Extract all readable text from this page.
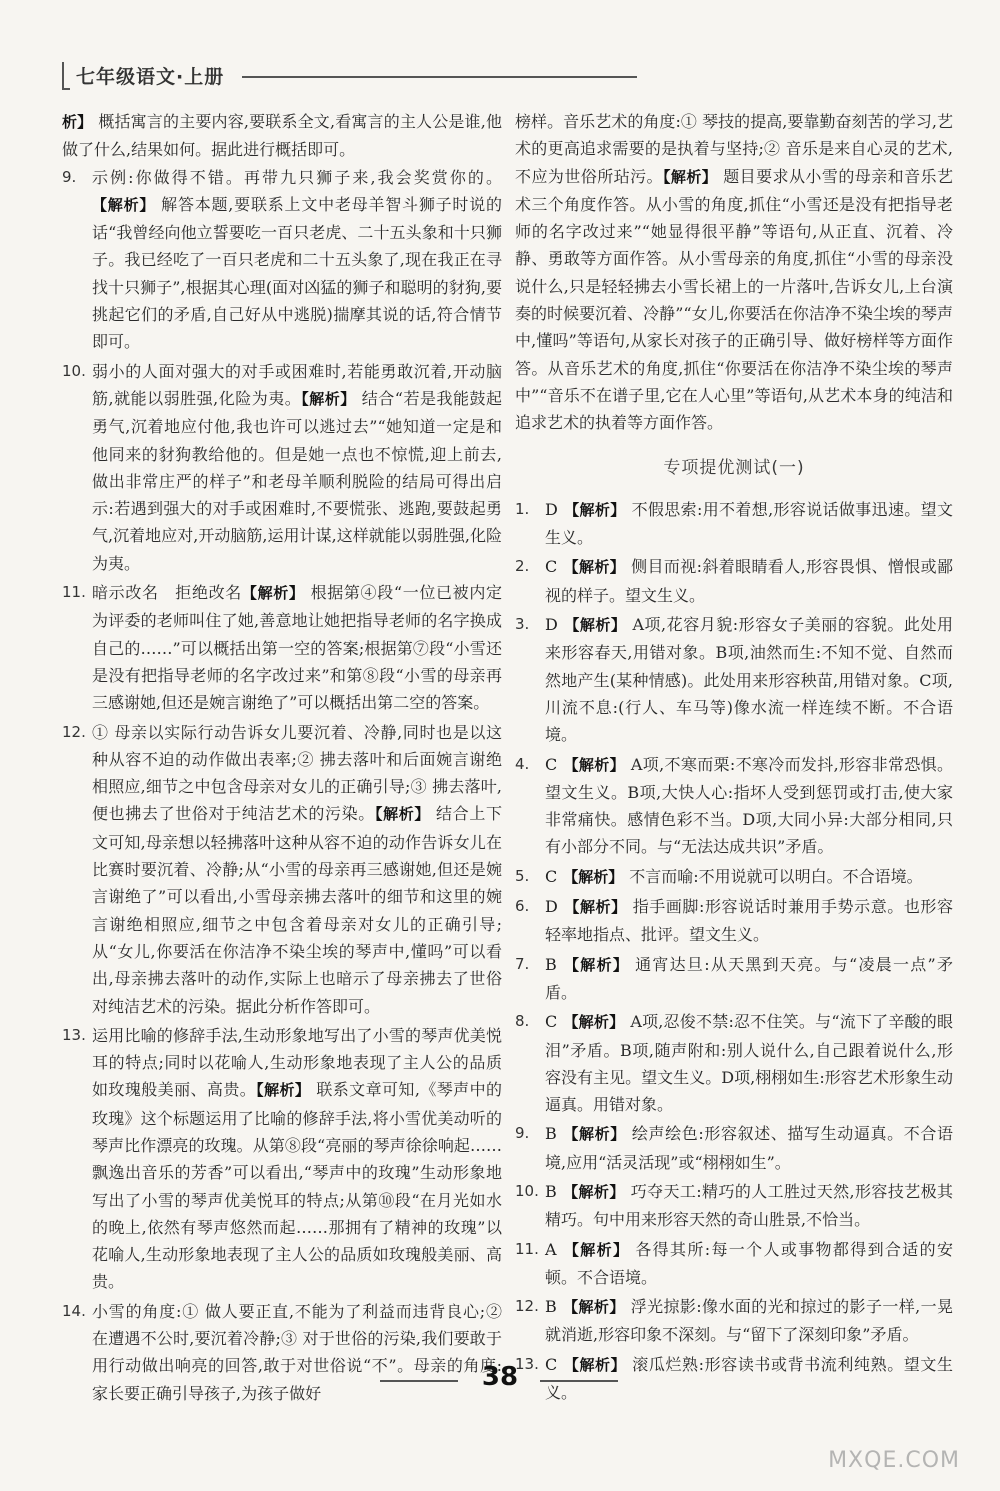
七年级语文·上册

析】 概括寓言的主要内容,要联系全文,看寓言的主人公是谁,他做了什么,结果如何。据此进行概括即可。

9. 示例:你做得不错。再带九只狮子来,我会奖赏你的。【解析】 解答本题,要联系上文中老母羊智斗狮子时说的话“我曾经向他立誓要吃一百只老虎、二十五头象和十只狮子。我已经吃了一百只老虎和二十五头象了,现在我正在寻找十只狮子”,根据其心理(面对凶猛的狮子和聪明的豺狗,要挑起它们的矛盾,自己好从中逃脱)揣摩其说的话,符合情节即可。

10. 弱小的人面对强大的对手或困难时,若能勇敢沉着,开动脑筋,就能以弱胜强,化险为夷。【解析】 结合“若是我能鼓起勇气,沉着地应付他,我也许可以逃过去”“她知道一定是和他同来的豺狗教给他的。但是她一点也不惊慌,迎上前去,做出非常庄严的样子”和老母羊顺利脱险的结局可得出启示:若遇到强大的对手或困难时,不要慌张、逃跑,要鼓起勇气,沉着地应对,开动脑筋,运用计谋,这样就能以弱胜强,化险为夷。

11. 暗示改名　拒绝改名【解析】 根据第④段“一位已被内定为评委的老师叫住了她,善意地让她把指导老师的名字换成自己的……”可以概括出第一空的答案;根据第⑦段“小雪还是没有把指导老师的名字改过来”和第⑧段“小雪的母亲再三感谢她,但还是婉言谢绝了”可以概括出第二空的答案。

12. ① 母亲以实际行动告诉女儿要沉着、冷静,同时也是以这种从容不迫的动作做出表率;② 拂去落叶和后面婉言谢绝相照应,细节之中包含母亲对女儿的正确引导;③ 拂去落叶,便也拂去了世俗对于纯洁艺术的污染。【解析】 结合上下文可知,母亲想以轻拂落叶这种从容不迫的动作告诉女儿在比赛时要沉着、冷静;从“小雪的母亲再三感谢她,但还是婉言谢绝了”可以看出,小雪母亲拂去落叶的细节和这里的婉言谢绝相照应,细节之中包含着母亲对女儿的正确引导;从“女儿,你要活在你洁净不染尘埃的琴声中,懂吗”可以看出,母亲拂去落叶的动作,实际上也暗示了母亲拂去了世俗对纯洁艺术的污染。据此分析作答即可。

13. 运用比喻的修辞手法,生动形象地写出了小雪的琴声优美悦耳的特点;同时以花喻人,生动形象地表现了主人公的品质如玫瑰般美丽、高贵。【解析】 联系文章可知,《琴声中的玫瑰》这个标题运用了比喻的修辞手法,将小雪优美动听的琴声比作漂亮的玫瑰。从第⑧段“亮丽的琴声徐徐响起……飘逸出音乐的芳香”可以看出,“琴声中的玫瑰”生动形象地写出了小雪的琴声优美悦耳的特点;从第⑩段“在月光如水的晚上,依然有琴声悠然而起……那拥有了精神的玫瑰”以花喻人,生动形象地表现了主人公的品质如玫瑰般美丽、高贵。

14. 小雪的角度:① 做人要正直,不能为了利益而违背良心;② 在遭遇不公时,要沉着冷静;③ 对于世俗的污染,我们要敢于用行动做出响亮的回答,敢于对世俗说“不”。母亲的角度:家长要正确引导孩子,为孩子做好

榜样。音乐艺术的角度:① 琴技的提高,要靠勤奋刻苦的学习,艺术的更高追求需要的是执着与坚持;② 音乐是来自心灵的艺术,不应为世俗所玷污。【解析】 题目要求从小雪的母亲和音乐艺术三个角度作答。从小雪的角度,抓住“小雪还是没有把指导老师的名字改过来”“她显得很平静”等语句,从正直、沉着、冷静、勇敢等方面作答。从小雪母亲的角度,抓住“小雪的母亲没说什么,只是轻轻拂去小雪长裙上的一片落叶,告诉女儿,上台演奏的时候要沉着、冷静”“女儿,你要活在你洁净不染尘埃的琴声中,懂吗”等语句,从家长对孩子的正确引导、做好榜样等方面作答。从音乐艺术的角度,抓住“你要活在你洁净不染尘埃的琴声中”“音乐不在谱子里,它在人心里”等语句,从艺术本身的纯洁和追求艺术的执着等方面作答。

专项提优测试(一)
1. D 【解析】 不假思索:用不着想,形容说话做事迅速。望文生义。

2. C 【解析】 侧目而视:斜着眼睛看人,形容畏惧、憎恨或鄙视的样子。望文生义。

3. D 【解析】 A项,花容月貌:形容女子美丽的容貌。此处用来形容春天,用错对象。B项,油然而生:不知不觉、自然而然地产生(某种情感)。此处用来形容秧苗,用错对象。C项,川流不息:(行人、车马等)像水流一样连续不断。不合语境。

4. C 【解析】 A项,不寒而栗:不寒冷而发抖,形容非常恐惧。望文生义。B项,大快人心:指坏人受到惩罚或打击,使大家非常痛快。感情色彩不当。D项,大同小异:大部分相同,只有小部分不同。与“无法达成共识”矛盾。

5. C 【解析】 不言而喻:不用说就可以明白。不合语境。

6. D 【解析】 指手画脚:形容说话时兼用手势示意。也形容轻率地指点、批评。望文生义。

7. B 【解析】 通宵达旦:从天黑到天亮。与“凌晨一点”矛盾。

8. C 【解析】 A项,忍俊不禁:忍不住笑。与“流下了辛酸的眼泪”矛盾。B项,随声附和:别人说什么,自己跟着说什么,形容没有主见。望文生义。D项,栩栩如生:形容艺术形象生动逼真。用错对象。

9. B 【解析】 绘声绘色:形容叙述、描写生动逼真。不合语境,应用“活灵活现”或“栩栩如生”。

10. B 【解析】 巧夺天工:精巧的人工胜过天然,形容技艺极其精巧。句中用来形容天然的奇山胜景,不恰当。

11. A 【解析】 各得其所:每一个人或事物都得到合适的安顿。不合语境。

12. B 【解析】 浮光掠影:像水面的光和掠过的影子一样,一晃就消逝,形容印象不深刻。与“留下了深刻印象”矛盾。

13. C 【解析】 滚瓜烂熟:形容读书或背书流利纯熟。望文生义。

38
MXQE.COM
